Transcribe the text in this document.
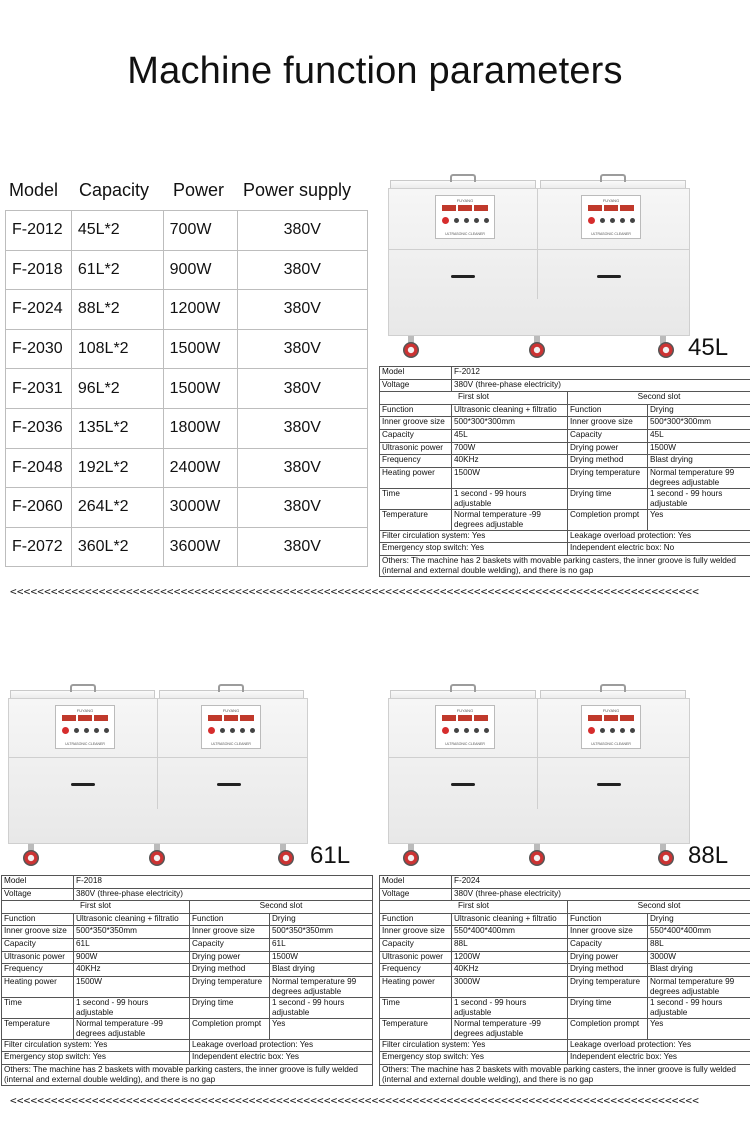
Machine function parameters
Model	Capacity	Power	Power supply
F-2012	45L*2	700W	380V
F-2018	61L*2	900W	380V
F-2024	88L*2	1200W	380V
F-2030	108L*2	1500W	380V
F-2031	96L*2	1500W	380V
F-2036	135L*2	1800W	380V
F-2048	192L*2	2400W	380V
F-2060	264L*2	3000W	380V
F-2072	360L*2	3600W	380V
FUYANG
ULTRASONIC CLEANER
FUYANG
ULTRASONIC CLEANER
45L
FUYANG
ULTRASONIC CLEANER
FUYANG
ULTRASONIC CLEANER
61L
FUYANG
ULTRASONIC CLEANER
FUYANG
ULTRASONIC CLEANER
88L
Model	F-2012		
Voltage	380V (three-phase electricity)		
First slot		Second slot	
Function	Ultrasonic cleaning + filtratio	Function	Drying
Inner groove size	500*300*300mm	Inner groove size	500*300*300mm
Capacity	45L	Capacity	45L
Ultrasonic power	700W	Drying power	1500W
Frequency	40KHz	Drying method	Blast drying
Heating power	1500W	Drying temperature	Normal temperature 99 degrees adjustable
Time	1 second - 99 hours adjustable	Drying time	1 second - 99 hours adjustable
Temperature	Normal temperature -99 degrees adjustable	Completion prompt	Yes
Filter circulation system: Yes		Leakage overload protection: Yes	
Emergency stop switch: Yes		Independent electric box: No	
Others: The machine has 2 baskets with movable parking casters, the inner groove is fully welded (internal and external double welding), and there is no gap			
<<<<<<<<<<<<<<<<<<<<<<<<<<<<<<<<<<<<<<<<<<<<<<<<<<<<<<<<<<<<<<<<<<<<<<<<<<<<<<<<<<<<<<<<<<<<<<<<<<<<<
Model	F-2018		
Voltage	380V (three-phase electricity)		
First slot		Second slot	
Function	Ultrasonic cleaning + filtratio	Function	Drying
Inner groove size	500*350*350mm	Inner groove size	500*350*350mm
Capacity	61L	Capacity	61L
Ultrasonic power	900W	Drying power	1500W
Frequency	40KHz	Drying method	Blast drying
Heating power	1500W	Drying temperature	Normal temperature 99 degrees adjustable
Time	1 second - 99 hours adjustable	Drying time	1 second - 99 hours adjustable
Temperature	Normal temperature -99 degrees adjustable	Completion prompt	Yes
Filter circulation system: Yes		Leakage overload protection: Yes	
Emergency stop switch: Yes		Independent electric box: Yes	
Others: The machine has 2 baskets with movable parking casters, the inner groove is fully welded (internal and external double welding), and there is no gap			
Model	F-2024		
Voltage	380V (three-phase electricity)		
First slot		Second slot	
Function	Ultrasonic cleaning + filtratio	Function	Drying
Inner groove size	550*400*400mm	Inner groove size	550*400*400mm
Capacity	88L	Capacity	88L
Ultrasonic power	1200W	Drying power	3000W
Frequency	40KHz	Drying method	Blast drying
Heating power	3000W	Drying temperature	Normal temperature 99 degrees adjustable
Time	1 second - 99 hours adjustable	Drying time	1 second - 99 hours adjustable
Temperature	Normal temperature -99 degrees adjustable	Completion prompt	Yes
Filter circulation system: Yes		Leakage overload protection: Yes	
Emergency stop switch: Yes		Independent electric box: Yes	
Others: The machine has 2 baskets with movable parking casters, the inner groove is fully welded (internal and external double welding), and there is no gap			
<<<<<<<<<<<<<<<<<<<<<<<<<<<<<<<<<<<<<<<<<<<<<<<<<<<<<<<<<<<<<<<<<<<<<<<<<<<<<<<<<<<<<<<<<<<<<<<<<<<<<
